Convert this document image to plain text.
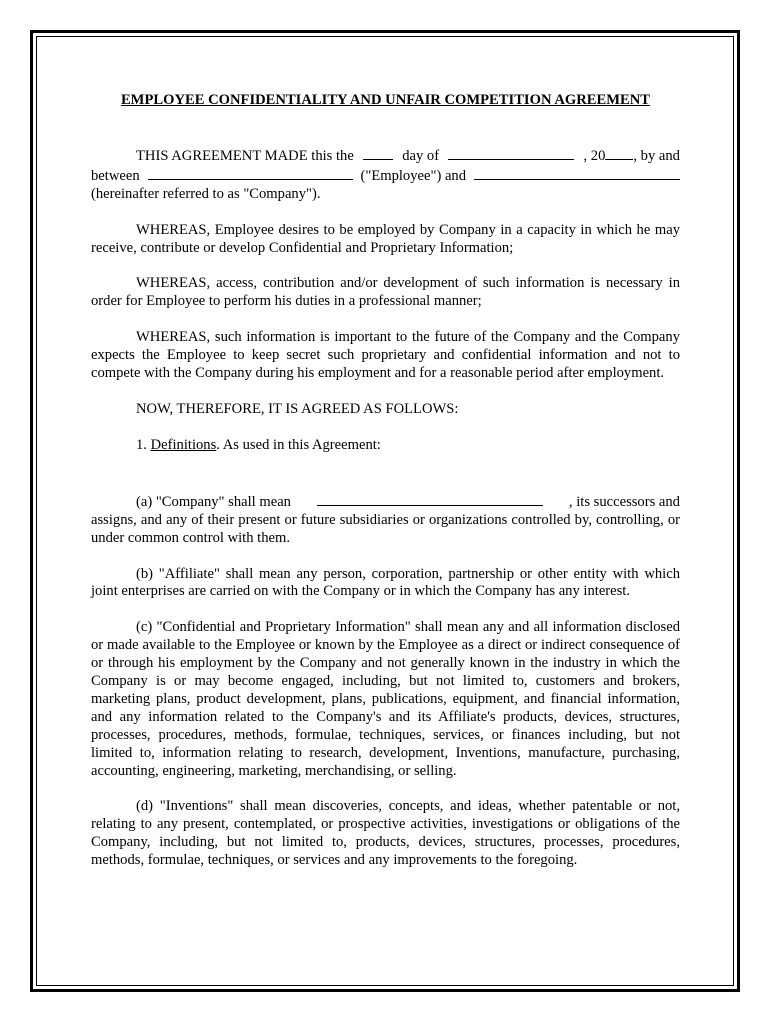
EMPLOYEE CONFIDENTIALITY AND UNFAIR COMPETITION AGREEMENT
THIS AGREEMENT MADE this the	day of	, 20 , by and
between	("Employee") and
(hereinafter referred to as "Company").

WHEREAS, Employee desires to be employed by Company in a capacity in which he may receive, contribute or develop Confidential and Proprietary Information;

WHEREAS, access, contribution and/or development of such information is necessary in order for Employee to perform his duties in a professional manner;

WHEREAS, such information is important to the future of the Company and the Company expects the Employee to keep secret such proprietary and confidential information and not to compete with the Company during his employment and for a reasonable period after employment.

NOW, THEREFORE, IT IS AGREED AS FOLLOWS:

1. Definitions. As used in this Agreement:

(a) "Company" shall mean	, its successors and
assigns, and any of their present or future subsidiaries or organizations controlled by, controlling, or under common control with them.

(b) "Affiliate" shall mean any person, corporation, partnership or other entity with which joint enterprises are carried on with the Company or in which the Company has any interest.

(c) "Confidential and Proprietary Information" shall mean any and all information disclosed or made available to the Employee or known by the Employee as a direct or indirect consequence of or through his employment by the Company and not generally known in the industry in which the Company is or may become engaged, including, but not limited to, customers and brokers, marketing plans, product development, plans, publications, equipment, and financial information, and any information related to the Company's and its Affiliate's products, devices, structures, processes, procedures, methods, formulae, techniques, services, or finances including, but not limited to, information relating to research, development, Inventions, manufacture, purchasing, accounting, engineering, marketing, merchandising, or selling.

(d) "Inventions" shall mean discoveries, concepts, and ideas, whether patentable or not, relating to any present, contemplated, or prospective activities, investigations or obligations of the Company, including, but not limited to, products, devices, structures, processes, procedures, methods, formulae, techniques, or services and any improvements to the foregoing.
